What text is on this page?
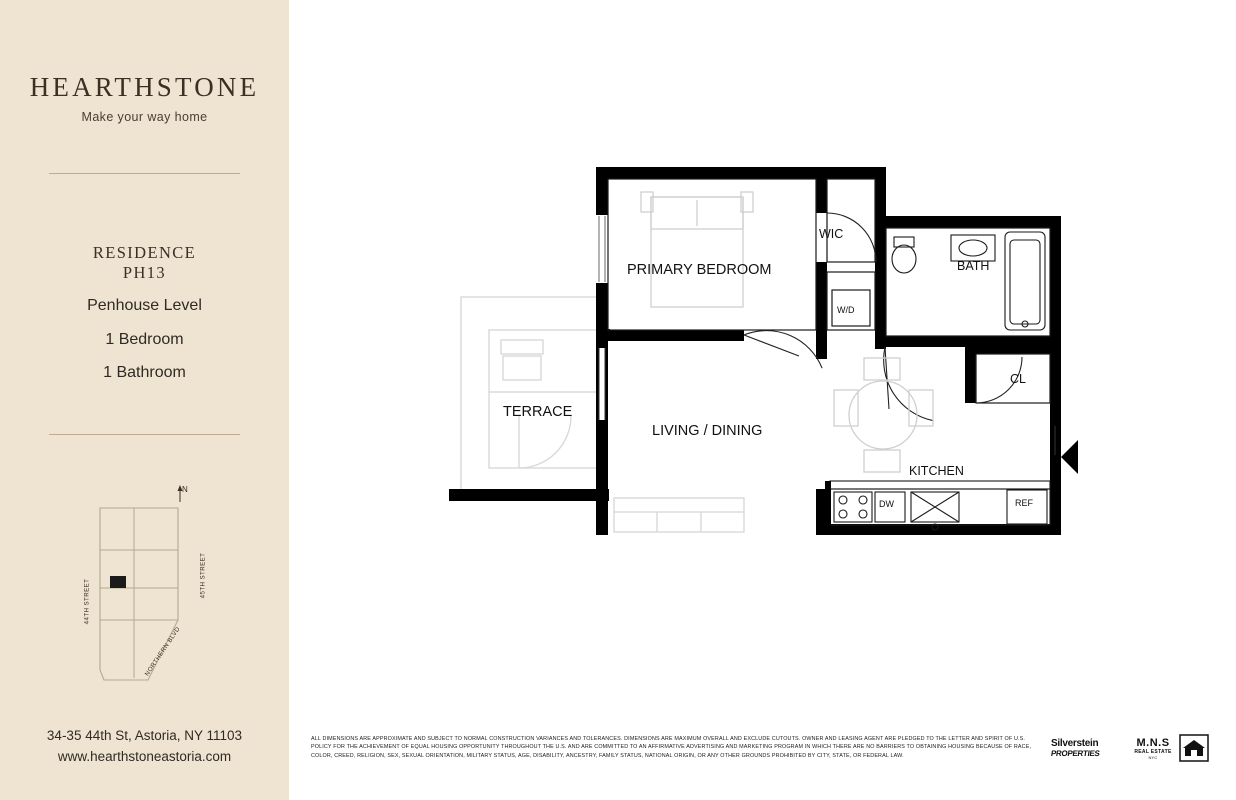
HEARTHSTONE
Make your way home
RESIDENCE
PH13
Penhouse Level
1 Bedroom
1 Bathroom
N
44TH STREET
45TH STREET
NORTHERN BLVD
34-35 44th St, Astoria, NY 11103
www.hearthstoneastoria.com
PRIMARY BEDROOM
WIC
BATH
W/D
CL
TERRACE
LIVING / DINING
KITCHEN
DW	REF
ALL DIMENSIONS ARE APPROXIMATE AND SUBJECT TO NORMAL CONSTRUCTION VARIANCES AND TOLERANCES. DIMENSIONS ARE MAXIMUM OVERALL AND EXCLUDE CUTOUTS. OWNER AND LEASING AGENT ARE PLEDGED TO THE LETTER AND SPIRIT OF U.S. POLICY FOR THE ACHIEVEMENT OF EQUAL HOUSING OPPORTUNITY THROUGHOUT THE U.S. AND ARE COMMITTED TO AN AFFIRMATIVE ADVERTISING AND MARKETING PROGRAM IN WHICH THERE ARE NO BARRIERS TO OBTAINING HOUSING BECAUSE OF RACE, COLOR, CREED, RELIGION, SEX, SEXUAL ORIENTATION, MILITARY STATUS, AGE, DISABILITY, ANCESTRY, FAMILY STATUS, NATIONAL ORIGIN, OR ANY OTHER GROUNDS PROHIBITED BY CITY, STATE, OR FEDERAL LAW.
Silverstein
PROPERTIES
M.N.S
REAL ESTATE
NYC
